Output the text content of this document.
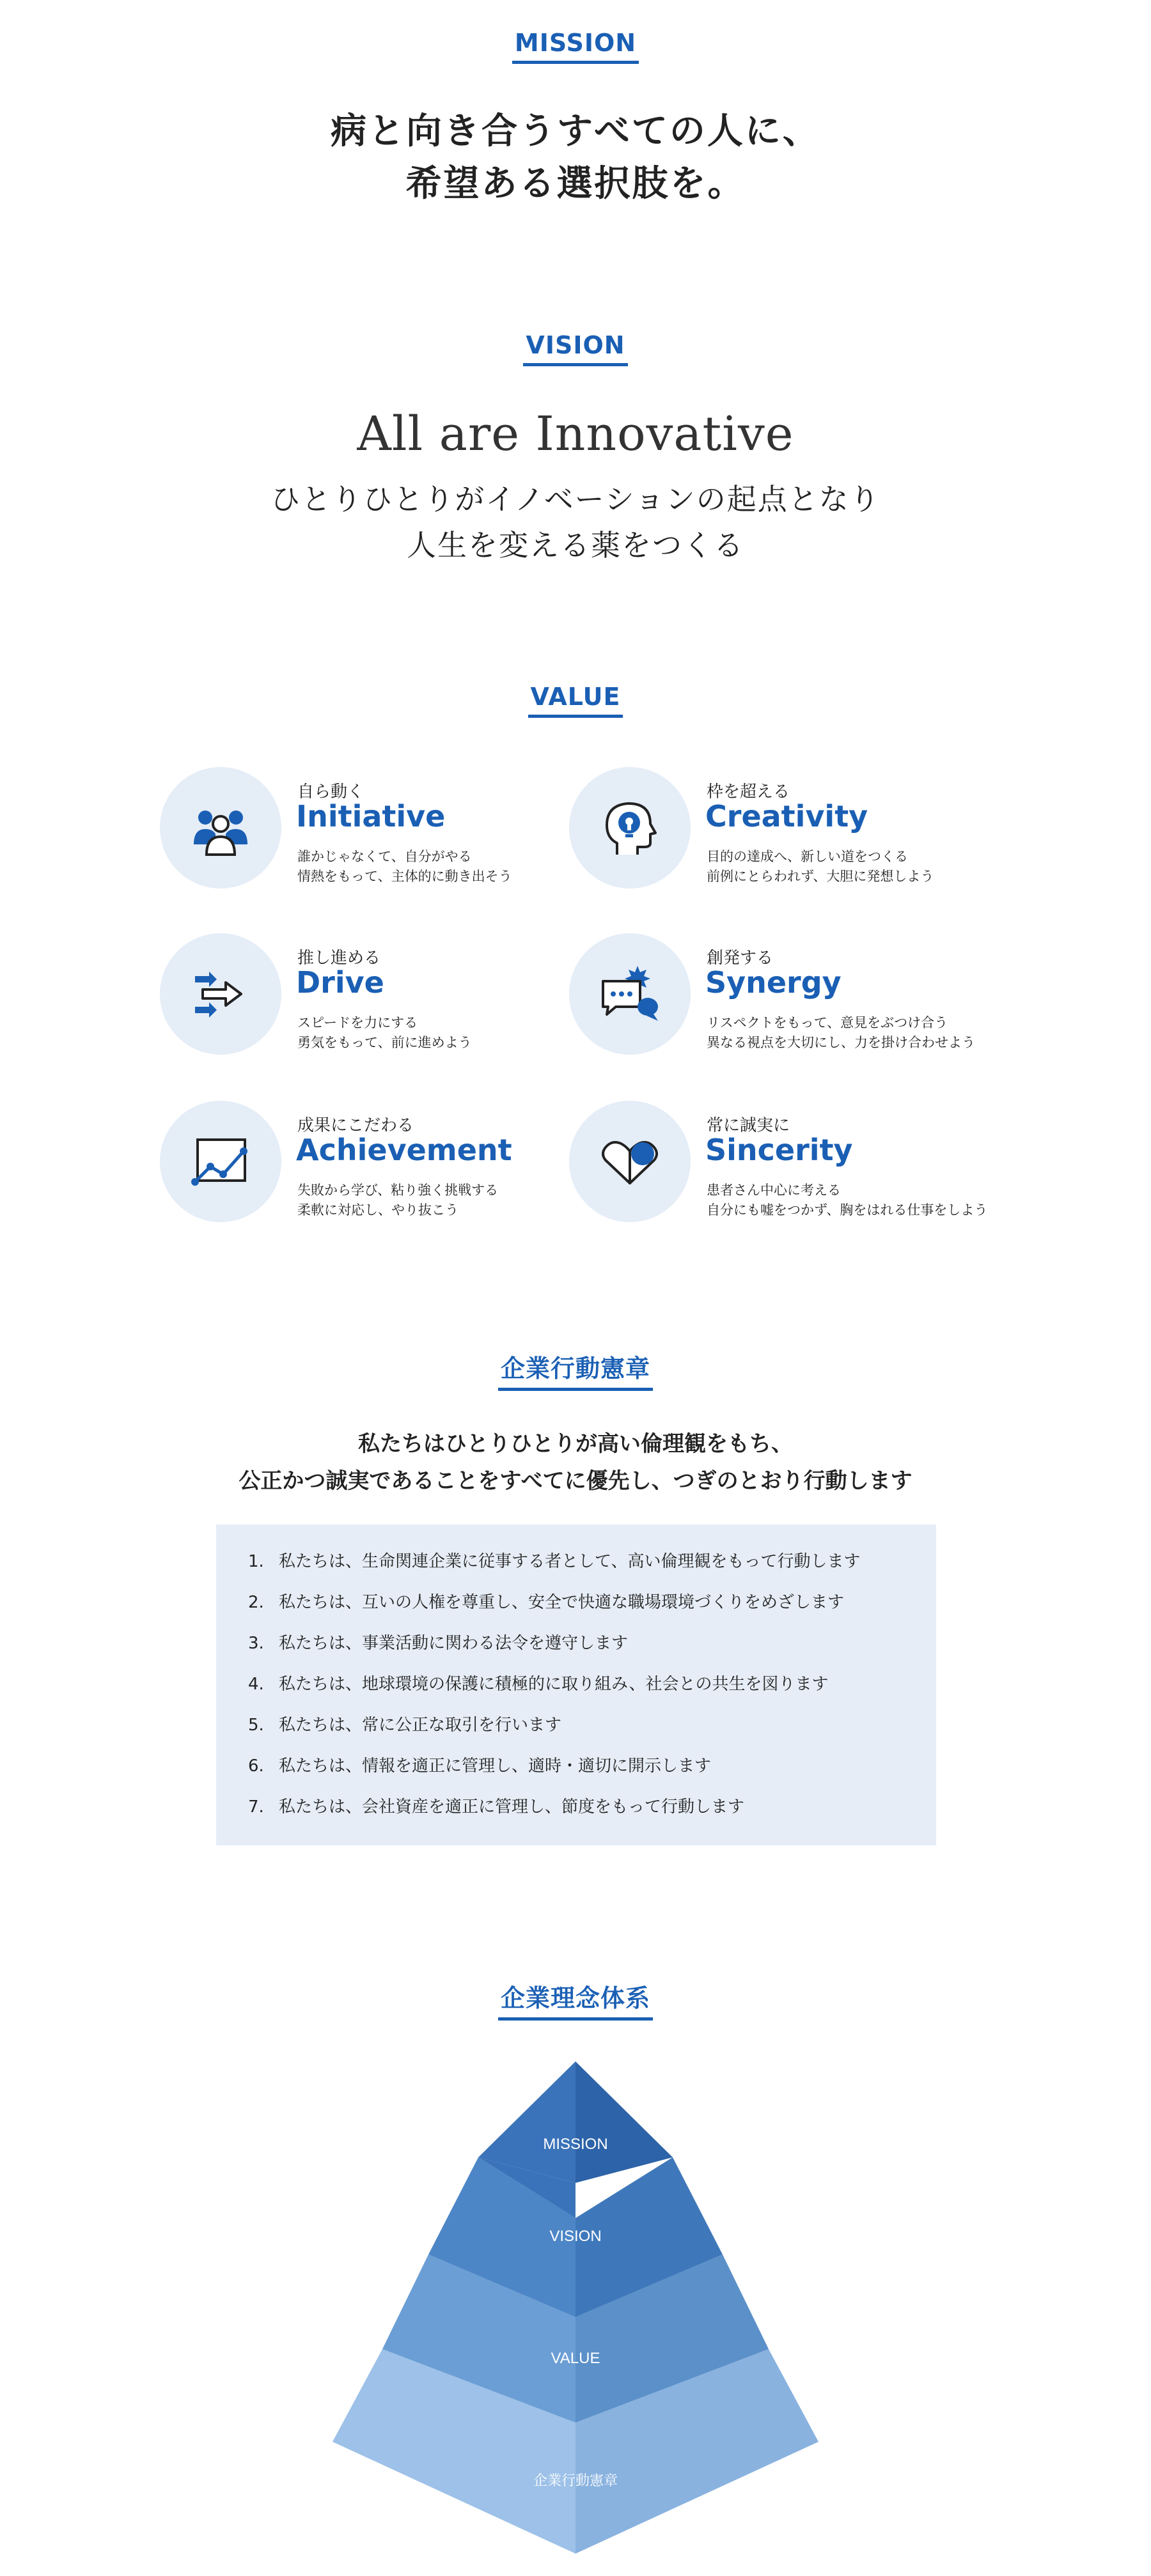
MISSION
病と向き合うすべての人に、
希望ある選択肢を。
VISION
All are Innovative
ひとりひとりがイノベーションの起点となり
人生を変える薬をつくる
VALUE
自ら動く
Initiative
誰かじゃなくて、自分がやる
情熱をもって、主体的に動き出そう
枠を超える
Creativity
目的の達成へ、新しい道をつくる
前例にとらわれず、大胆に発想しよう
推し進める
Drive
スピードを力にする
勇気をもって、前に進めよう
創発する
Synergy
リスペクトをもって、意見をぶつけ合う
異なる視点を大切にし、力を掛け合わせよう
成果にこだわる
Achievement
失敗から学び、粘り強く挑戦する
柔軟に対応し、やり抜こう
常に誠実に
Sincerity
患者さん中心に考える
自分にも嘘をつかず、胸をはれる仕事をしよう
企業行動憲章
私たちはひとりひとりが高い倫理観をもち、
公正かつ誠実であることをすべてに優先し、つぎのとおり行動します
1. 私たちは、生命関連企業に従事する者として、高い倫理観をもって行動します
2. 私たちは、互いの人権を尊重し、安全で快適な職場環境づくりをめざします
3. 私たちは、事業活動に関わる法令を遵守します
4. 私たちは、地球環境の保護に積極的に取り組み、社会との共生を図ります
5. 私たちは、常に公正な取引を行います
6. 私たちは、情報を適正に管理し、適時・適切に開示します
7. 私たちは、会社資産を適正に管理し、節度をもって行動します
企業理念体系
MISSION
VISION
VALUE
企業行動憲章
